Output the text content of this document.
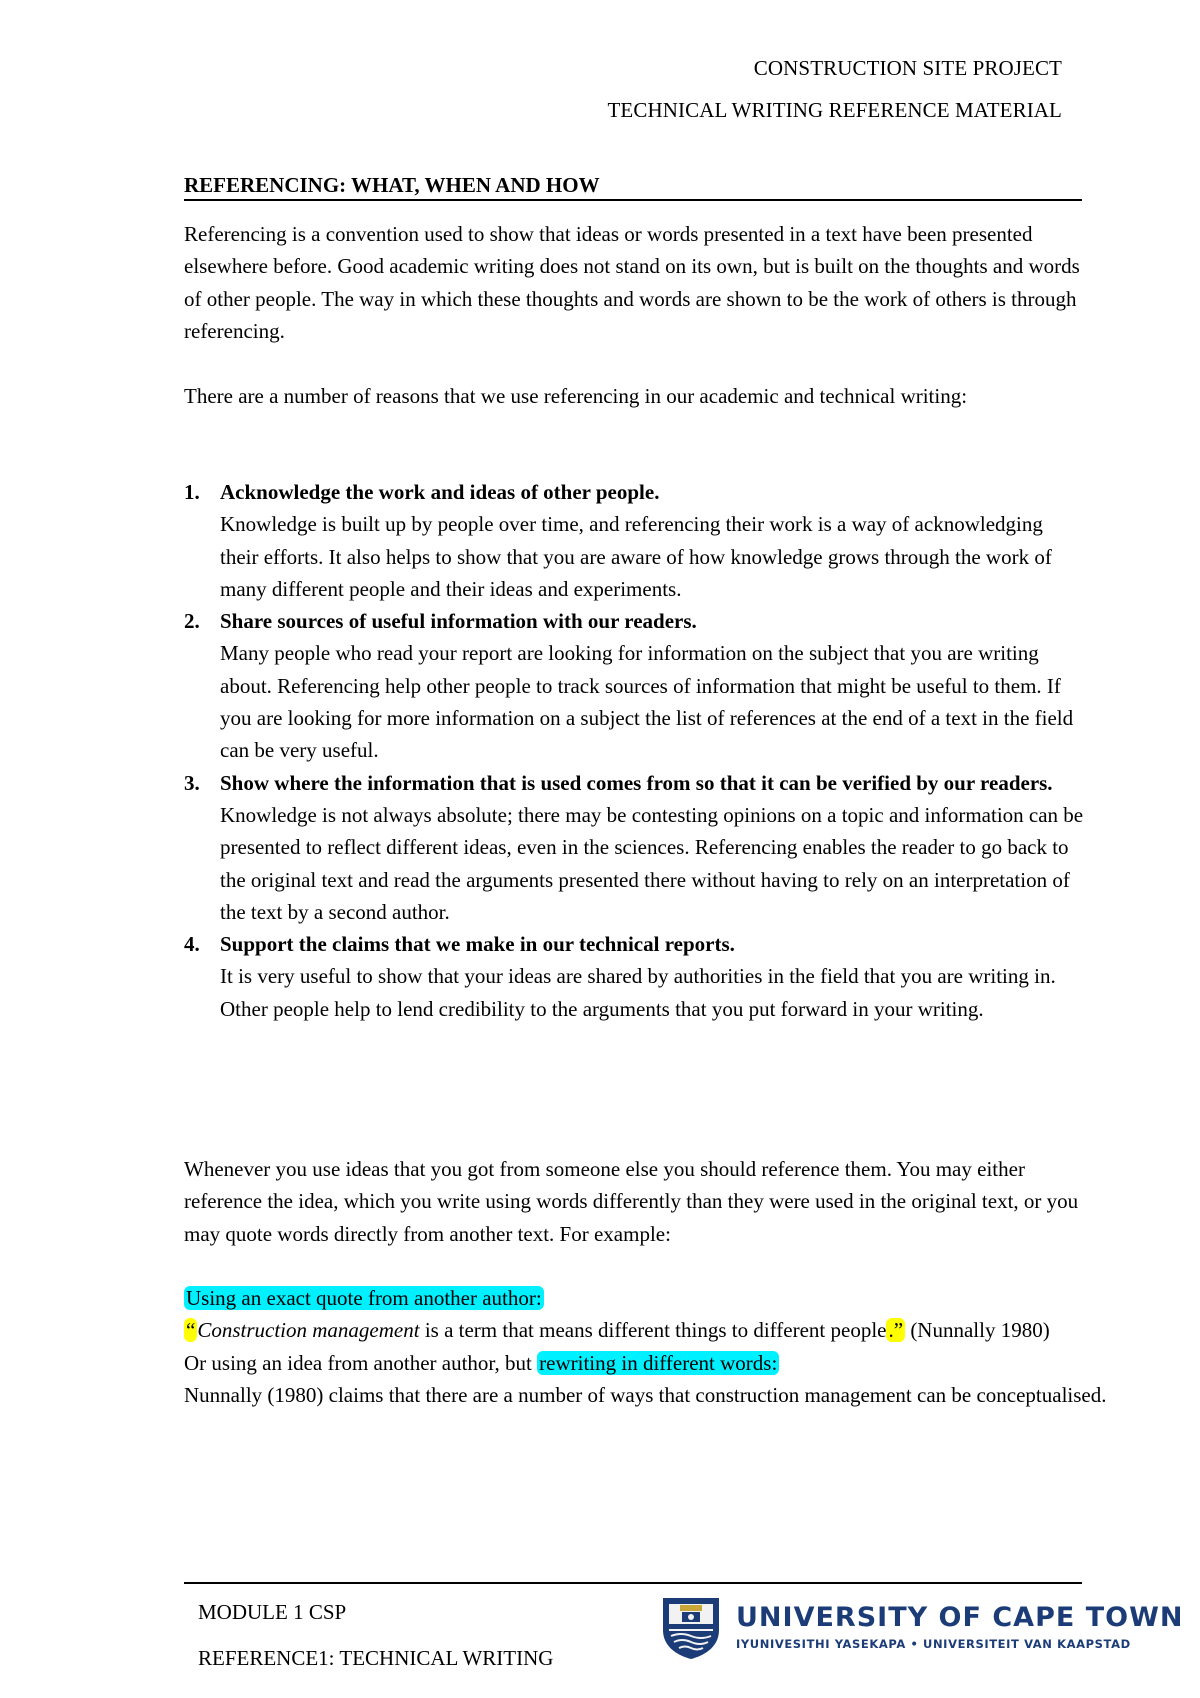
CONSTRUCTION SITE PROJECT
TECHNICAL WRITING REFERENCE MATERIAL
REFERENCING: WHAT, WHEN AND HOW
Referencing is a convention used to show that ideas or words presented in a text have been presented elsewhere before. Good academic writing does not stand on its own, but is built on the thoughts and words of other people. The way in which these thoughts and words are shown to be the work of others is through referencing.
There are a number of reasons that we use referencing in our academic and technical writing:
1. Acknowledge the work and ideas of other people.
Knowledge is built up by people over time, and referencing their work is a way of acknowledging their efforts. It also helps to show that you are aware of how knowledge grows through the work of many different people and their ideas and experiments.
2. Share sources of useful information with our readers.
Many people who read your report are looking for information on the subject that you are writing about. Referencing help other people to track sources of information that might be useful to them. If you are looking for more information on a subject the list of references at the end of a text in the field can be very useful.
3. Show where the information that is used comes from so that it can be verified by our readers.
Knowledge is not always absolute; there may be contesting opinions on a topic and information can be presented to reflect different ideas, even in the sciences. Referencing enables the reader to go back to the original text and read the arguments presented there without having to rely on an interpretation of the text by a second author.
4. Support the claims that we make in our technical reports.
It is very useful to show that your ideas are shared by authorities in the field that you are writing in. Other people help to lend credibility to the arguments that you put forward in your writing.
Whenever you use ideas that you got from someone else you should reference them. You may either reference the idea, which you write using words differently than they were used in the original text, or you may quote words directly from another text. For example:
Using an exact quote from another author:
“Construction management is a term that means different things to different people.” (Nunnally 1980)
Or using an idea from another author, but rewriting in different words:
Nunnally (1980) claims that there are a number of ways that construction management can be conceptualised.
MODULE 1 CSP
REFERENCE1: TECHNICAL WRITING
UNIVERSITY OF CAPE TOWN
IYUNIVESITHI YASEKAPA • UNIVERSITEIT VAN KAAPSTAD
